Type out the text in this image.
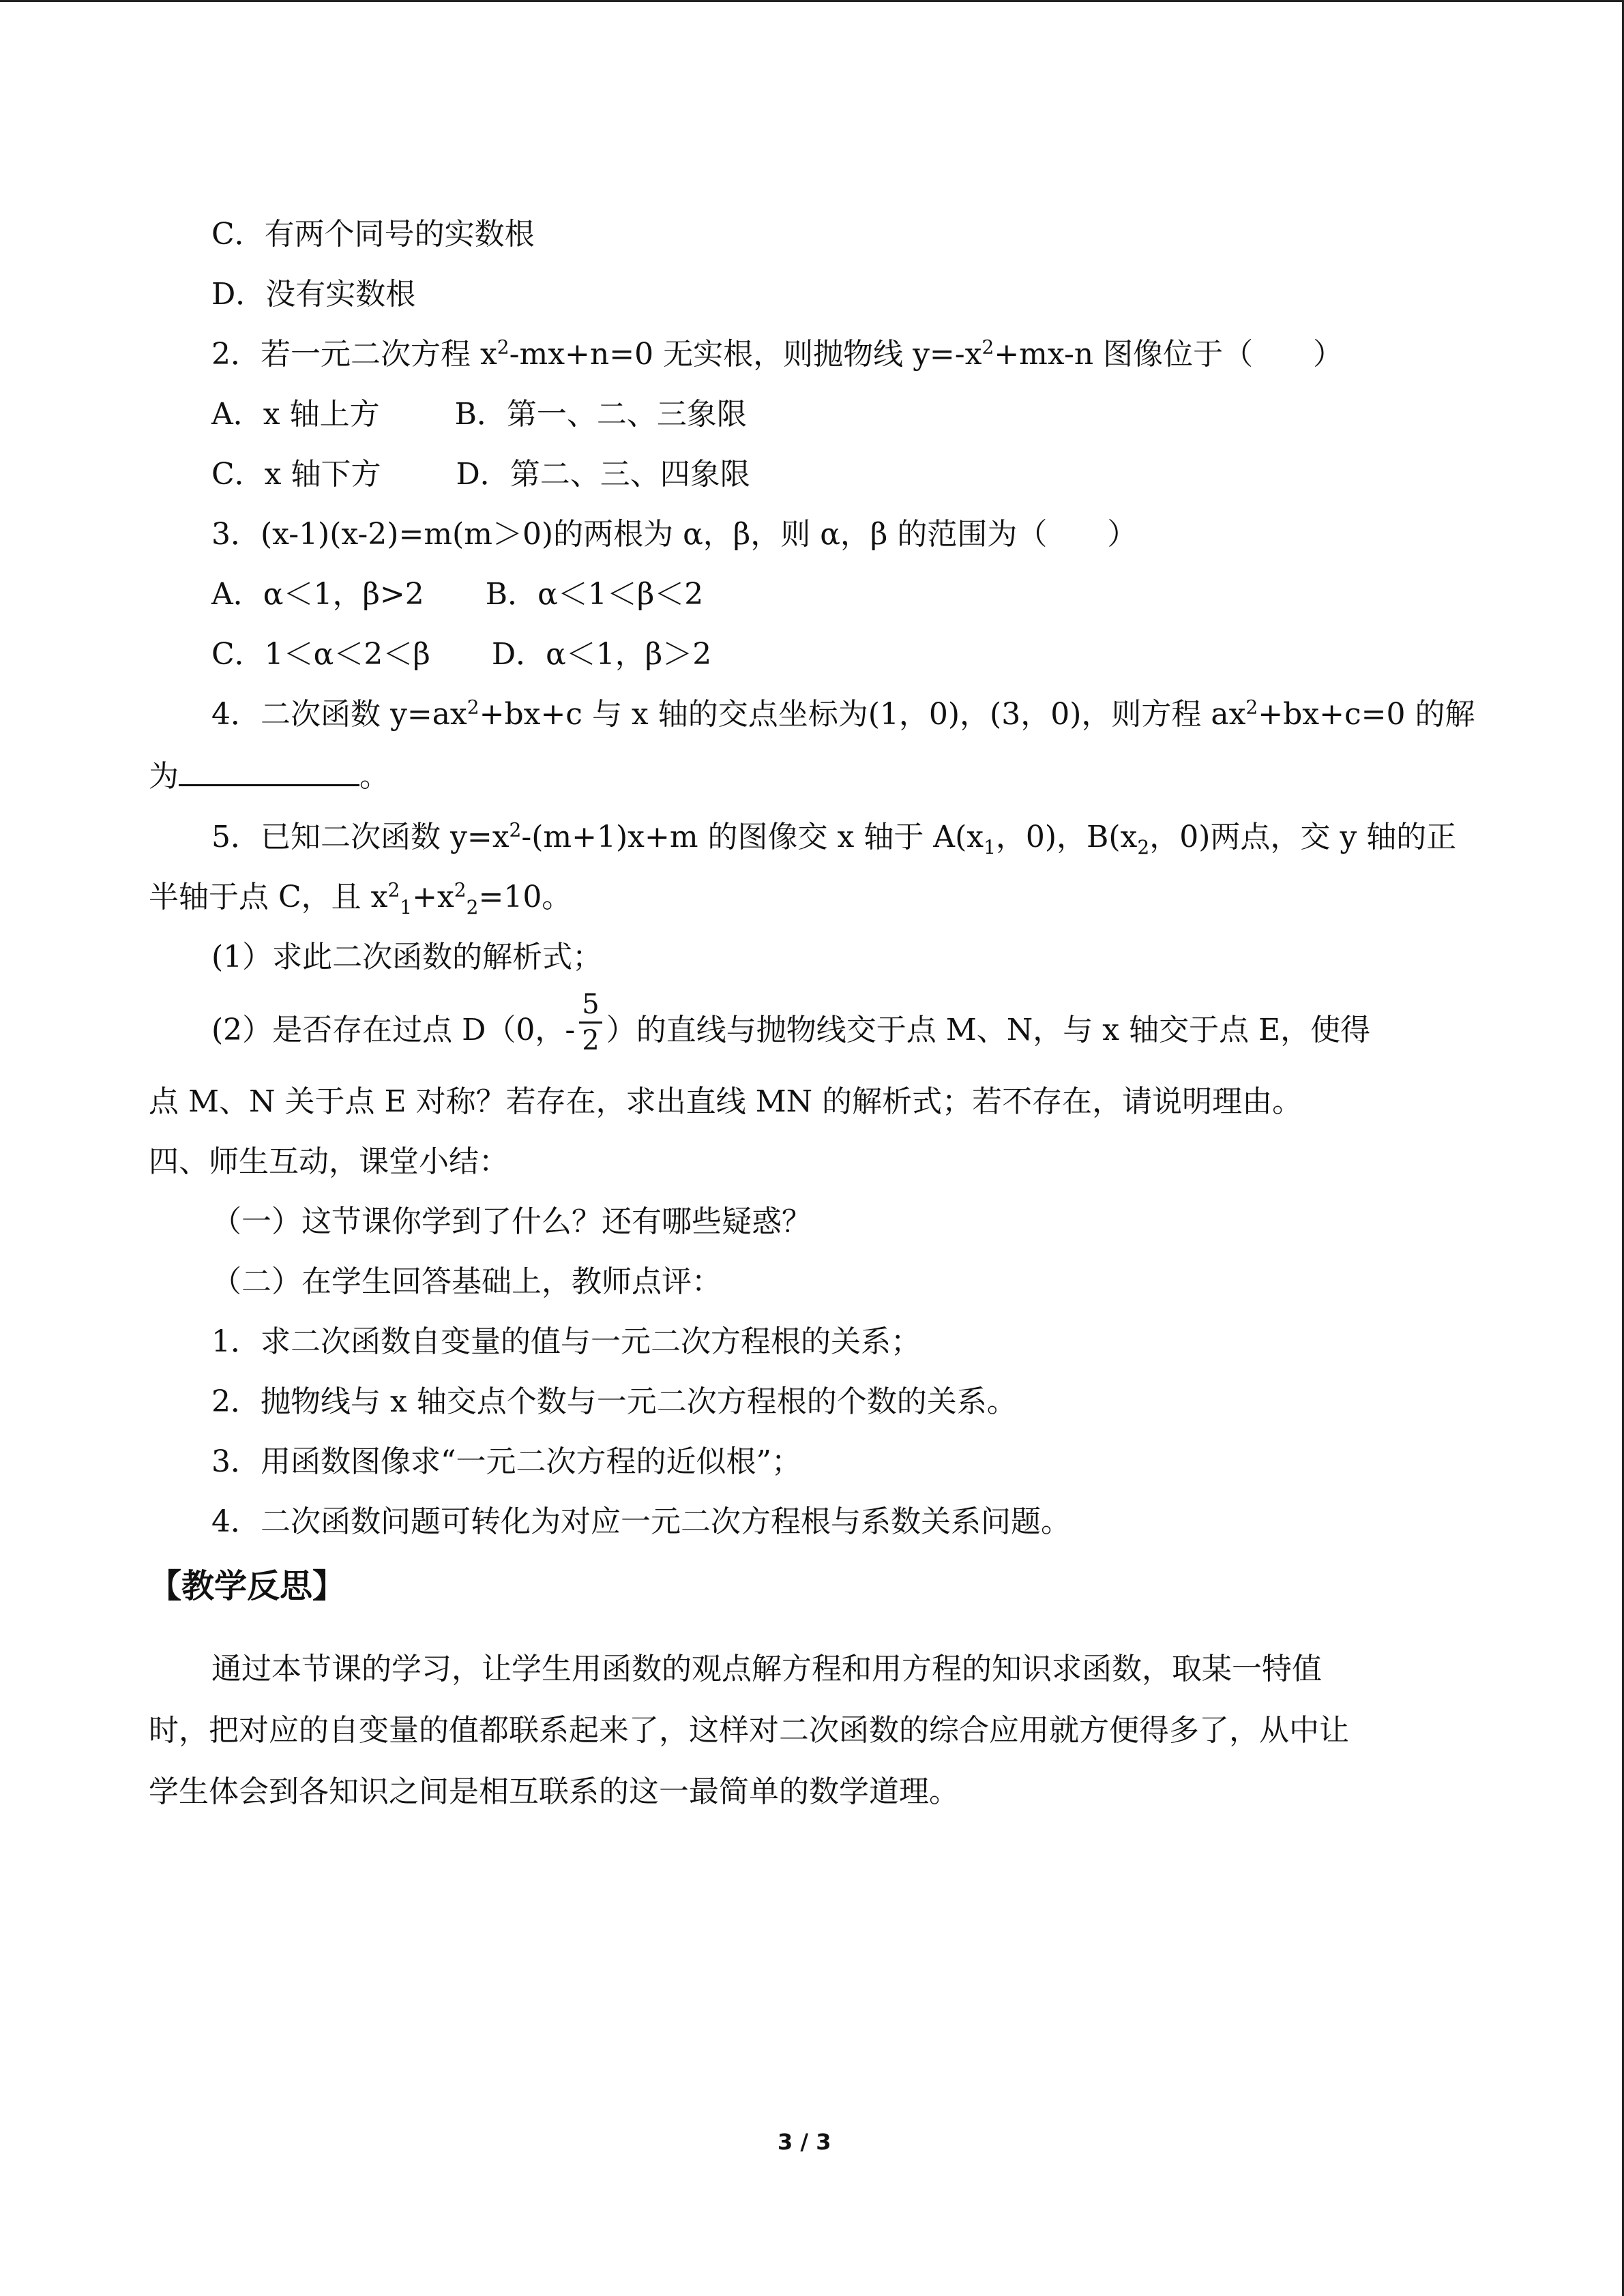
C．有两个同号的实数根
D．没有实数根
2．若一元二次方程 $x^2-mx+n=0$ 无实根，则抛物线 $y=-x^2+mx-n$ 图像位于（　　）
A．x 轴上方	B．第一、二、三象限
C．x 轴下方	D．第二、三、四象限
3．(x-1)(x-2)=m(m＞0)的两根为 α，β，则 α，β 的范围为（　　）
A．α＜1，β>2 B．α＜1＜β＜2
C．1＜α＜2＜β D．α＜1，β＞2
4．二次函数 $y=ax^2+bx+c$ 与 x 轴的交点坐标为(1，0)，(3，0)，则方程 $ax^2+bx+c=0$ 的解
为	。
5．已知二次函数 $y=x^2-(m+1)x+m$ 的图像交 x 轴于 $A(x_1$，0)，$B(x_2$，0)两点，交 y 轴的正
半轴于点 C，且 $x^2_1+x^2_2=10$。
(1）求此二次函数的解析式；
(2）是否存在过点 D（0，- $\frac{5}{2}$ ）的直线与抛物线交于点 M、N，与 x 轴交于点 E，使得
点 M、N 关于点 E 对称？若存在，求出直线 MN 的解析式；若不存在，请说明理由。
四、师生互动，课堂小结：
（一）这节课你学到了什么？还有哪些疑惑？
（二）在学生回答基础上，教师点评：
1．求二次函数自变量的值与一元二次方程根的关系；
2．抛物线与 x 轴交点个数与一元二次方程根的个数的关系。
3．用函数图像求“一元二次方程的近似根”；
4．二次函数问题可转化为对应一元二次方程根与系数关系问题。
【教学反思】
通过本节课的学习，让学生用函数的观点解方程和用方程的知识求函数，取某一特值
时，把对应的自变量的值都联系起来了，这样对二次函数的综合应用就方便得多了，从中让
学生体会到各知识之间是相互联系的这一最简单的数学道理。
3 / 3
